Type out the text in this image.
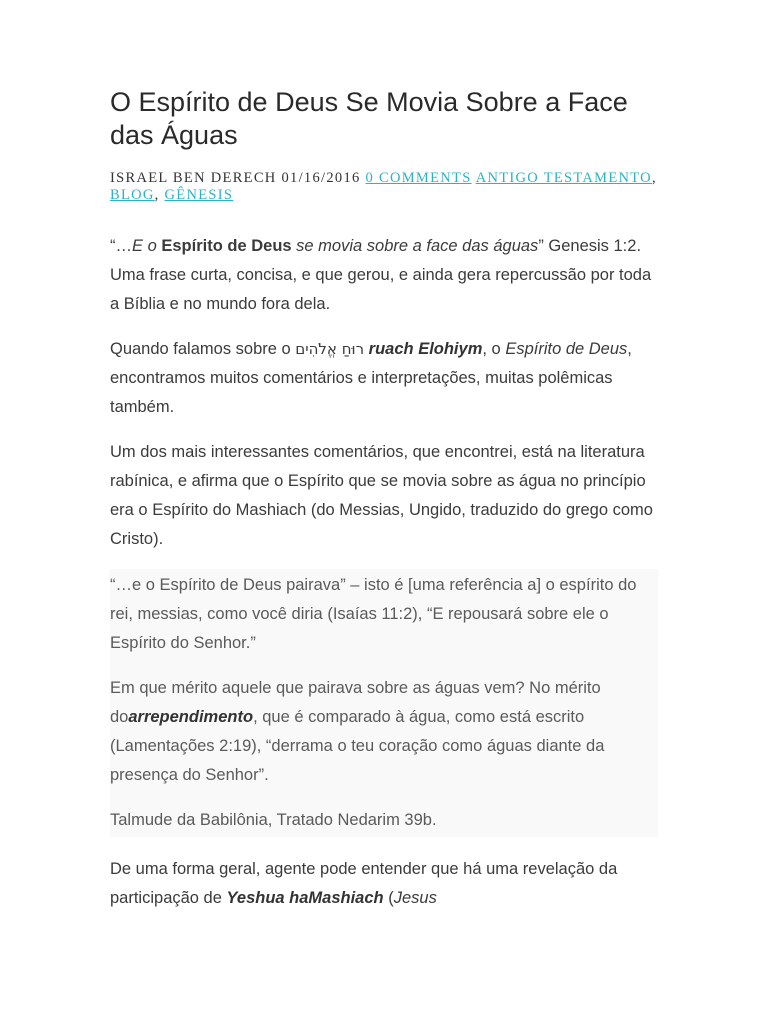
O Espírito de Deus Se Movia Sobre a Face das Águas
ISRAEL BEN DERECH 01/16/2016 0 COMMENTS ANTIGO TESTAMENTO, BLOG, GÊNESIS

“…E o Espírito de Deus se movia sobre a face das águas” Genesis 1:2. Uma frase curta, concisa, e que gerou, e ainda gera repercussão por toda a Bíblia e no mundo fora dela.

Quando falamos sobre o רוּחַ אֱלֹהִים ruach Elohiym, o Espírito de Deus, encontramos muitos comentários e interpretações, muitas polêmicas também.

Um dos mais interessantes comentários, que encontrei, está na literatura rabínica, e afirma que o Espírito que se movia sobre as água no princípio era o Espírito do Mashiach (do Messias, Ungido, traduzido do grego como Cristo).

“…e o Espírito de Deus pairava” – isto é [uma referência a] o espírito do rei, messias, como você diria (Isaías 11:2), “E repousará sobre ele o Espírito do Senhor.”

Em que mérito aquele que pairava sobre as águas vem? No mérito doarrependimento, que é comparado à água, como está escrito (Lamentações 2:19), “derrama o teu coração como águas diante da presença do Senhor”.

Talmude da Babilônia, Tratado Nedarim 39b.

De uma forma geral, agente pode entender que há uma revelação da participação de Yeshua haMashiach (Jesus
